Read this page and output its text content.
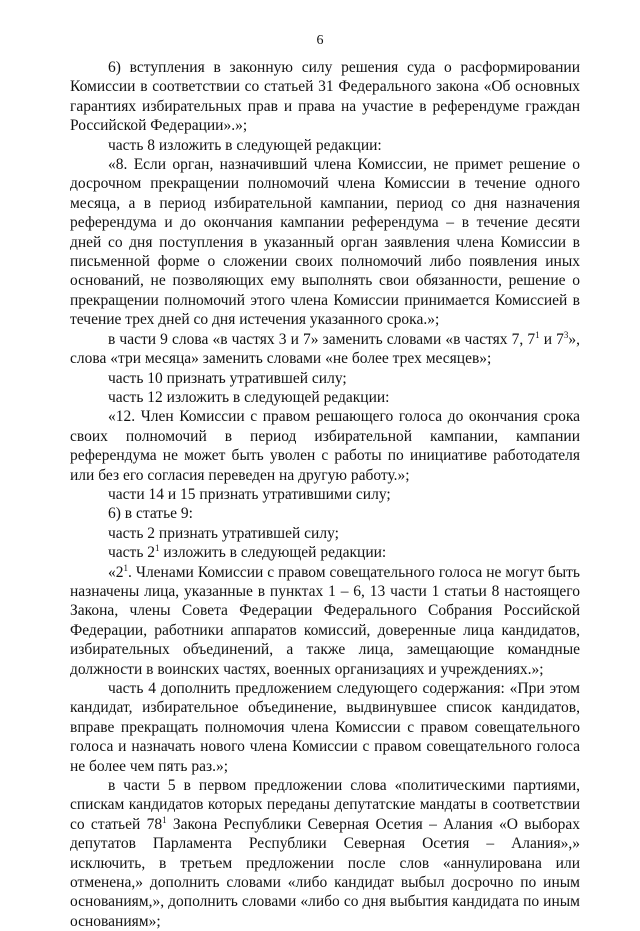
6

6) вступления в законную силу решения суда о расформировании Комиссии в соответствии со статьей 31 Федерального закона «Об основных гарантиях избирательных прав и права на участие в референдуме граждан Российской Федерации».»;

часть 8 изложить в следующей редакции:

«8. Если орган, назначивший члена Комиссии, не примет решение о досрочном прекращении полномочий члена Комиссии в течение одного месяца, а в период избирательной кампании, период со дня назначения референдума и до окончания кампании референдума – в течение десяти дней со дня поступления в указанный орган заявления члена Комиссии в письменной форме о сложении своих полномочий либо появления иных оснований, не позволяющих ему выполнять свои обязанности, решение о прекращении полномочий этого члена Комиссии принимается Комиссией в течение трех дней со дня истечения указанного срока.»;

в части 9 слова «в частях 3 и 7» заменить словами «в частях 7, $7^1$ и $7^3$», слова «три месяца» заменить словами «не более трех месяцев»;

часть 10 признать утратившей силу;

часть 12 изложить в следующей редакции:

«12. Член Комиссии с правом решающего голоса до окончания срока своих полномочий в период избирательной кампании, кампании референдума не может быть уволен с работы по инициативе работодателя или без его согласия переведен на другую работу.»;

части 14 и 15 признать утратившими силу;

6) в статье 9:

часть 2 признать утратившей силу;

часть $2^1$ изложить в следующей редакции:

«$2^1$. Членами Комиссии с правом совещательного голоса не могут быть назначены лица, указанные в пунктах 1 – 6, 13 части 1 статьи 8 настоящего Закона, члены Совета Федерации Федерального Собрания Российской Федерации, работники аппаратов комиссий, доверенные лица кандидатов, избирательных объединений, а также лица, замещающие командные должности в воинских частях, военных организациях и учреждениях.»;

часть 4 дополнить предложением следующего содержания: «При этом кандидат, избирательное объединение, выдвинувшее список кандидатов, вправе прекращать полномочия члена Комиссии с правом совещательного голоса и назначать нового члена Комиссии с правом совещательного голоса не более чем пять раз.»;

в части 5 в первом предложении слова «политическими партиями, спискам кандидатов которых переданы депутатские мандаты в соответствии со статьей $78^1$ Закона Республики Северная Осетия – Алания «О выборах депутатов Парламента Республики Северная Осетия – Алания»,» исключить, в третьем предложении после слов «аннулирована или отменена,» дополнить словами «либо кандидат выбыл досрочно по иным основаниям,», дополнить словами «либо со дня выбытия кандидата по иным основаниям»;
